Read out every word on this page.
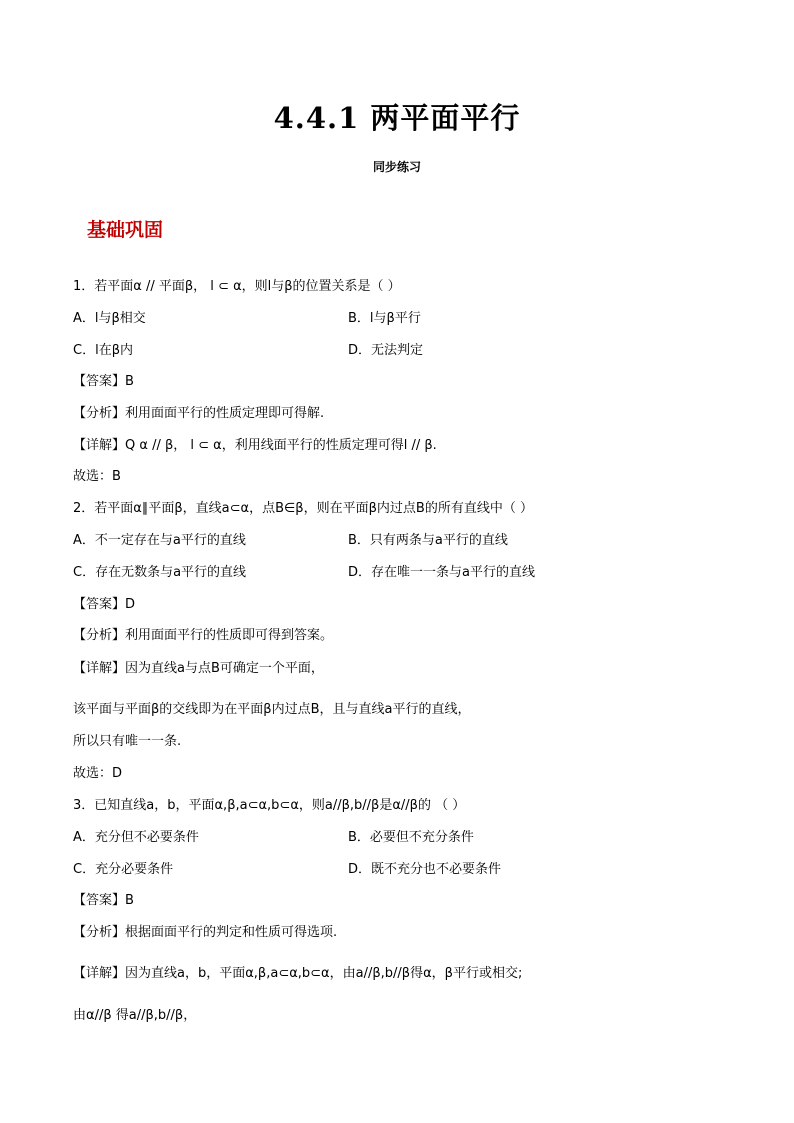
4.4.1 两平面平行
同步练习
基础巩固
1．若平面α // 平面β， l ⊂ α，则l与β的位置关系是（ ）
A．l与β相交	B．l与β平行
C．l在β内	D．无法判定
【答案】B
【分析】利用面面平行的性质定理即可得解.
【详解】Q α // β， l ⊂ α，利用线面平行的性质定理可得l // β.
故选：B
2．若平面α∥平面β，直线a⊂α，点B∈β，则在平面β内过点B的所有直线中（ ）
A．不一定存在与a平行的直线	B．只有两条与a平行的直线
C．存在无数条与a平行的直线	D．存在唯一一条与a平行的直线
【答案】D
【分析】利用面面平行的性质即可得到答案。
【详解】因为直线a与点B可确定一个平面，
该平面与平面β的交线即为在平面β内过点B，且与直线a平行的直线，
所以只有唯一一条.
故选：D
3．已知直线a，b，平面α,β,a⊂α,b⊂α，则a//β,b//β是α//β的 （ ）
A．充分但不必要条件	B．必要但不充分条件
C．充分必要条件	D．既不充分也不必要条件
【答案】B
【分析】根据面面平行的判定和性质可得选项.
【详解】因为直线a，b，平面α,β,a⊂α,b⊂α，由a//β,b//β得α，β平行或相交;
由α//β 得a//β,b//β，
